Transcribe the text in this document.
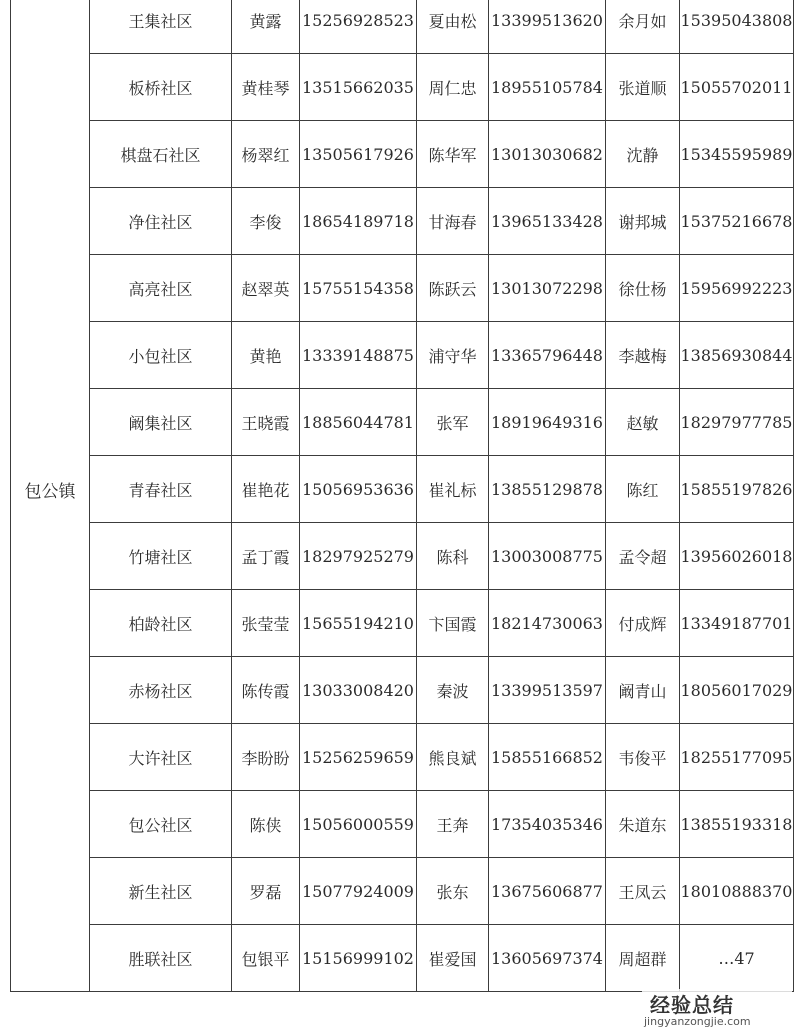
包公镇	王集社区	黄露	15256928523	夏由松	13399513620	余月如	15395043808
	板桥社区	黄桂琴	13515662035	周仁忠	18955105784	张道顺	15055702011
	棋盘石社区	杨翠红	13505617926	陈华军	13013030682	沈静	15345595989
	净住社区	李俊	18654189718	甘海春	13965133428	谢邦城	15375216678
	高亮社区	赵翠英	15755154358	陈跃云	13013072298	徐仕杨	15956992223
	小包社区	黄艳	13339148875	浦守华	13365796448	李越梅	13856930844
	阚集社区	王晓霞	18856044781	张军	18919649316	赵敏	18297977785
	青春社区	崔艳花	15056953636	崔礼标	13855129878	陈红	15855197826
	竹塘社区	孟丁霞	18297925279	陈科	13003008775	孟令超	13956026018
	柏龄社区	张莹莹	15655194210	卞国霞	18214730063	付成辉	13349187701
	赤杨社区	陈传霞	13033008420	秦波	13399513597	阚青山	18056017029
	大许社区	李盼盼	15256259659	熊良斌	15855166852	韦俊平	18255177095
	包公社区	陈侠	15056000559	王奔	17354035346	朱道东	13855193318
	新生社区	罗磊	15077924009	张东	13675606877	王凤云	18010888370
	胜联社区	包银平	15156999102	崔爱国	13605697374	周超群	…47
经验总结
jingyanzongjie.com
